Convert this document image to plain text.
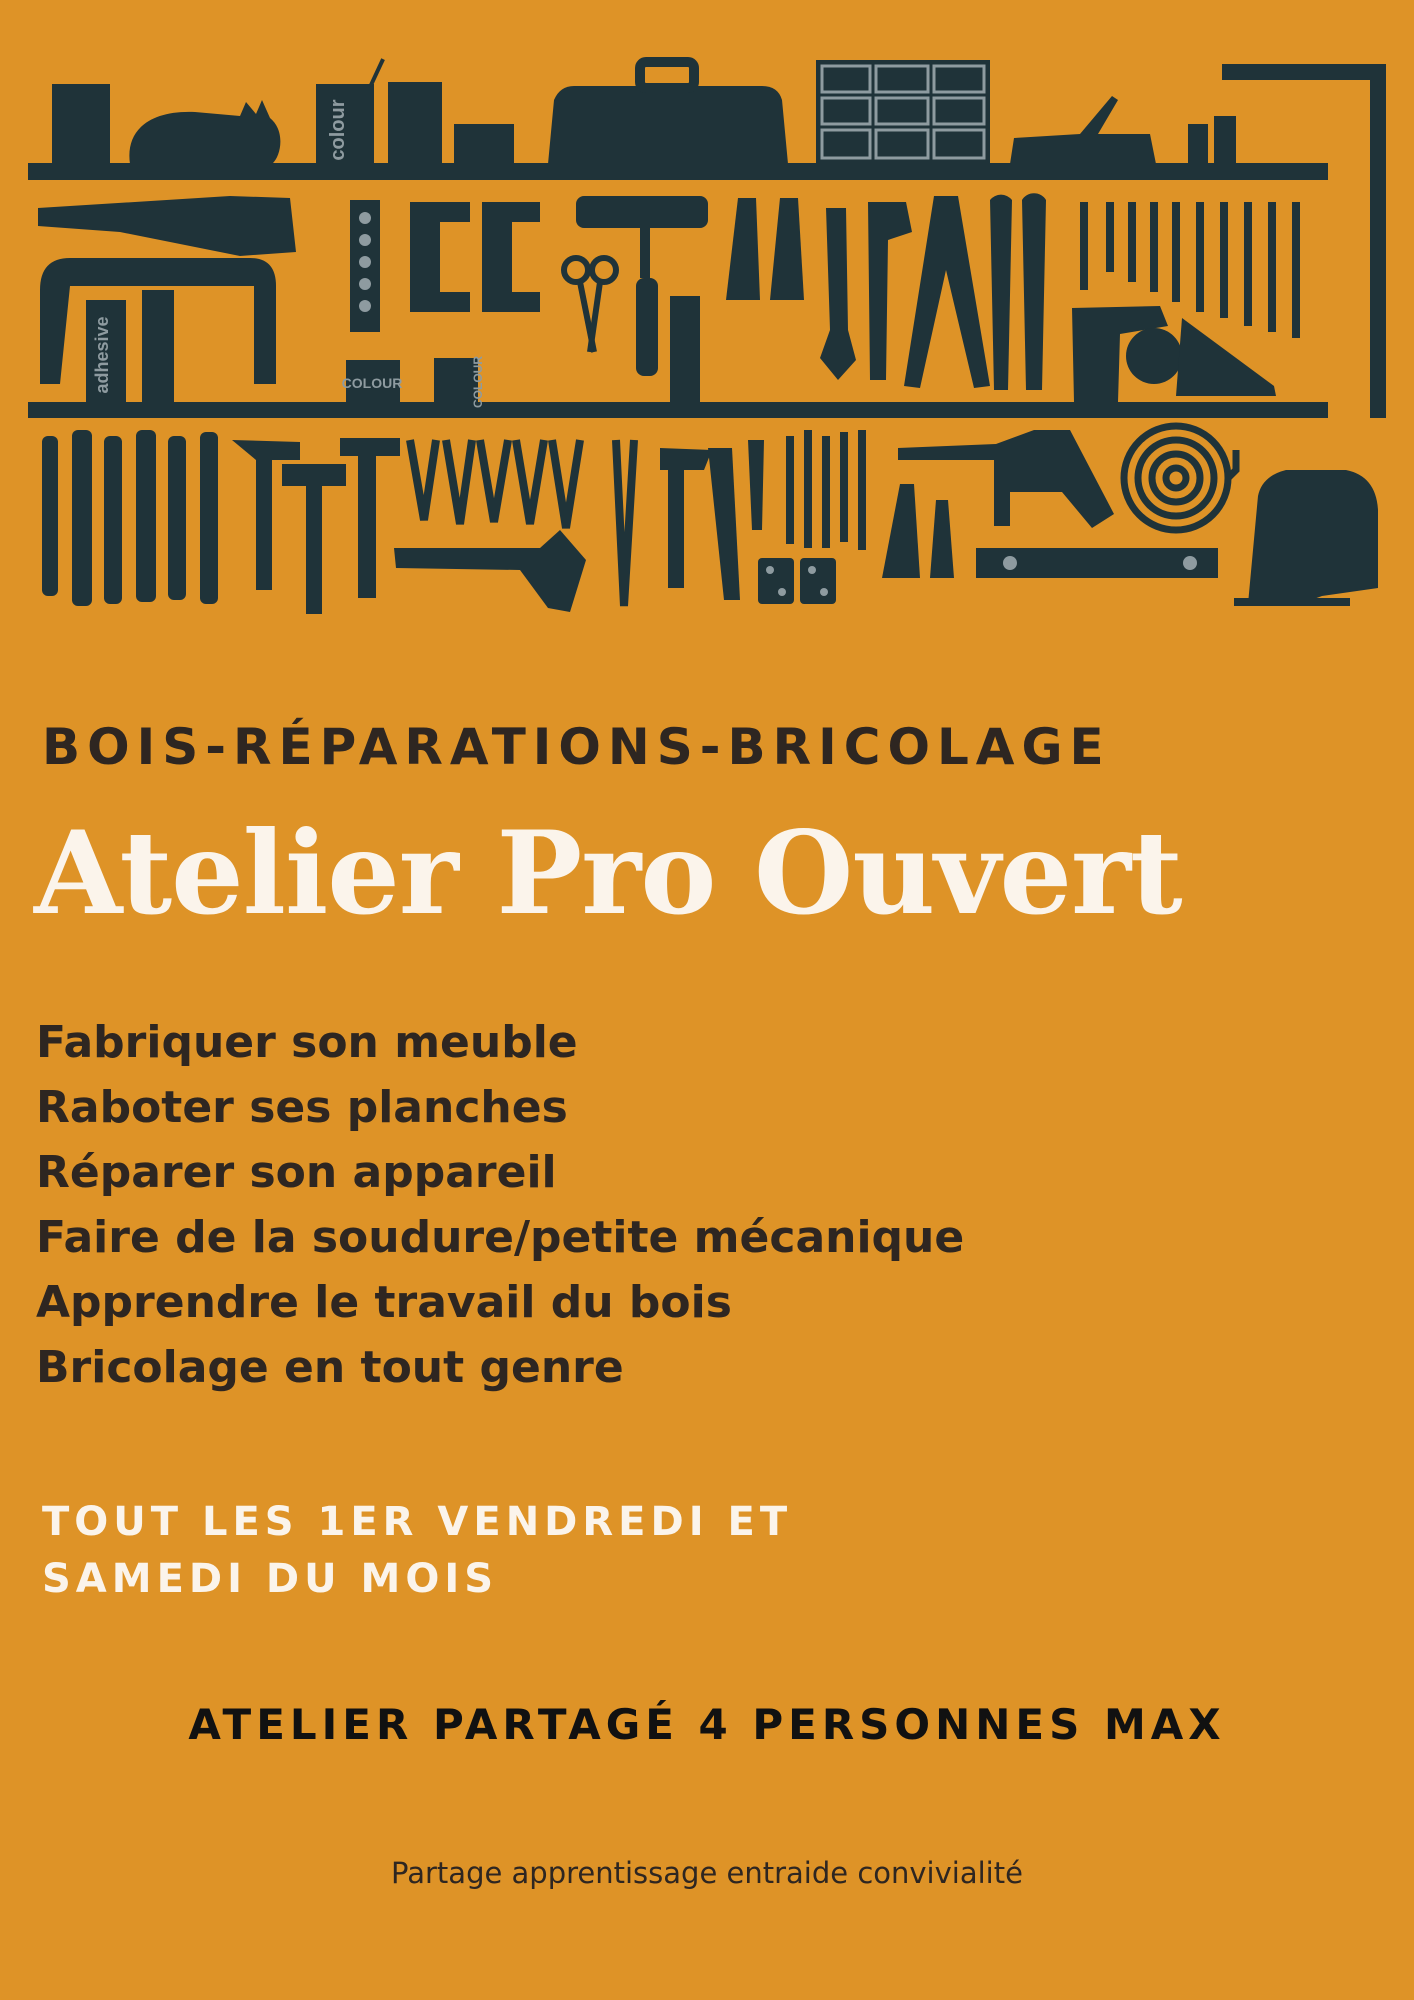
colour
adhesive	COLOUR	COLOUR

BOIS-RÉPARATIONS-BRICOLAGE

Atelier Pro Ouvert
Fabriquer son meuble
Raboter ses planches
Réparer son appareil
Faire de la soudure/petite mécanique
Apprendre le travail du bois
Bricolage en tout genre

TOUT LES 1ER VENDREDI ET SAMEDI DU MOIS

ATELIER PARTAGÉ 4 PERSONNES MAX

Partage apprentissage entraide convivialité
